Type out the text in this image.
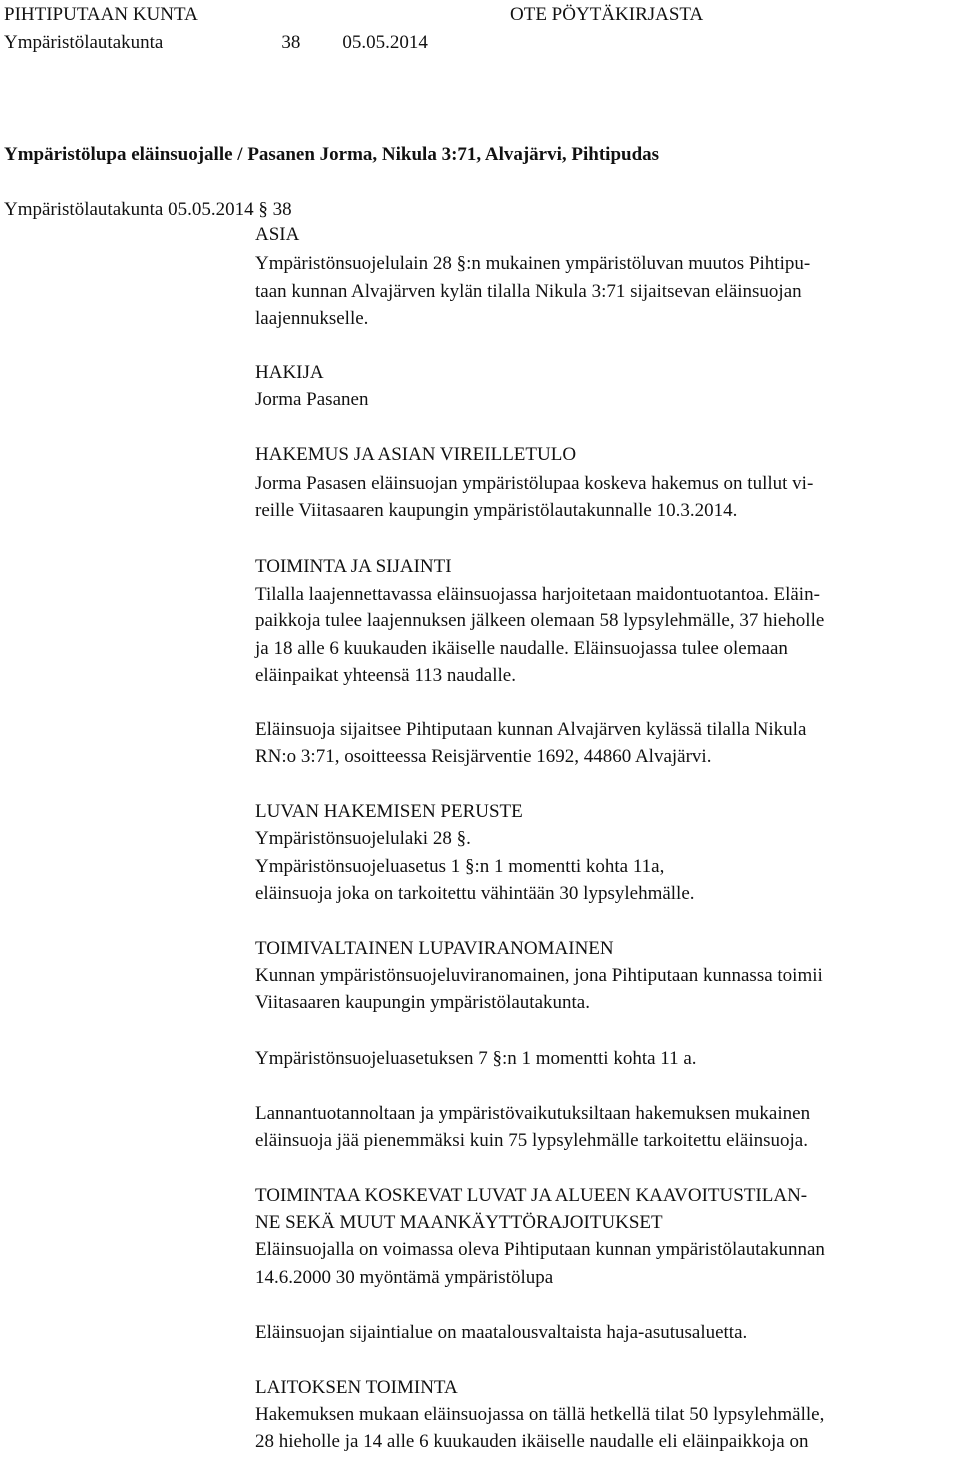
PIHTIPUTAAN KUNTA	OTE PÖYTÄKIRJASTA
Ympäristölautakunta	38 05.05.2014
Ympäristölupa eläinsuojalle / Pasanen Jorma, Nikula 3:71, Alvajärvi, Pihtipudas
Ympäristölautakunta 05.05.2014 § 38
ASIA
Ympäristönsuojelulain 28 §:n mukainen ympäristöluvan muutos Pihtipu-
taan kunnan Alvajärven kylän tilalla Nikula 3:71 sijaitsevan eläinsuojan
laajennukselle.
HAKIJA
Jorma Pasanen
HAKEMUS JA ASIAN VIREILLETULO
Jorma Pasasen eläinsuojan ympäristölupaa koskeva hakemus on tullut vi-
reille Viitasaaren kaupungin ympäristölautakunnalle 10.3.2014.
TOIMINTA JA SIJAINTI
Tilalla laajennettavassa eläinsuojassa harjoitetaan maidontuotantoa. Eläin-
paikkoja tulee laajennuksen jälkeen olemaan 58 lypsylehmälle, 37 hieholle
ja 18 alle 6 kuukauden ikäiselle naudalle. Eläinsuojassa tulee olemaan
eläinpaikat yhteensä 113 naudalle.
Eläinsuoja sijaitsee Pihtiputaan kunnan Alvajärven kylässä tilalla Nikula
RN:o 3:71, osoitteessa Reisjärventie 1692, 44860 Alvajärvi.
LUVAN HAKEMISEN PERUSTE
Ympäristönsuojelulaki 28 §.
Ympäristönsuojeluasetus 1 §:n 1 momentti kohta 11a,
eläinsuoja joka on tarkoitettu vähintään 30 lypsylehmälle.
TOIMIVALTAINEN LUPAVIRANOMAINEN
Kunnan ympäristönsuojeluviranomainen, jona Pihtiputaan kunnassa toimii
Viitasaaren kaupungin ympäristölautakunta.
Ympäristönsuojeluasetuksen 7 §:n 1 momentti kohta 11 a.
Lannantuotannoltaan ja ympäristövaikutuksiltaan hakemuksen mukainen
eläinsuoja jää pienemmäksi kuin 75 lypsylehmälle tarkoitettu eläinsuoja.
TOIMINTAA KOSKEVAT LUVAT JA ALUEEN KAAVOITUSTILAN-
NE SEKÄ MUUT MAANKÄYTTÖRAJOITUKSET
Eläinsuojalla on voimassa oleva Pihtiputaan kunnan ympäristölautakunnan
14.6.2000 30 myöntämä ympäristölupa
Eläinsuojan sijaintialue on maatalousvaltaista haja-asutusaluetta.
LAITOKSEN TOIMINTA
Hakemuksen mukaan eläinsuojassa on tällä hetkellä tilat 50 lypsylehmälle,
28 hieholle ja 14 alle 6 kuukauden ikäiselle naudalle eli eläinpaikkoja on
